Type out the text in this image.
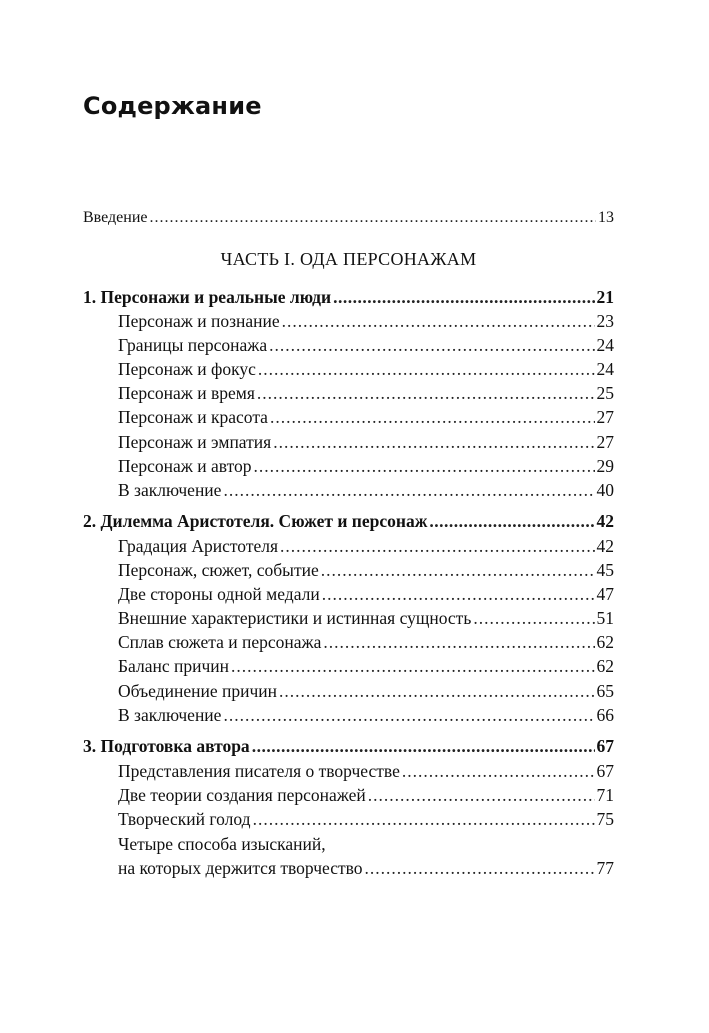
Содержание
Введение .....	13
ЧАСТЬ I. ОДА ПЕРСОНАЖАМ
1. Персонажи и реальные люди .....	21
Персонаж и познание .....	23
Границы персонажа .....	24
Персонаж и фокус .....	24
Персонаж и время .....	25
Персонаж и красота .....	27
Персонаж и эмпатия .....	27
Персонаж и автор .....	29
В заключение .....	40
2. Дилемма Аристотеля. Сюжет и персонаж .....	42
Градация Аристотеля .....	42
Персонаж, сюжет, событие .....	45
Две стороны одной медали .....	47
Внешние характеристики и истинная сущность .....	51
Сплав сюжета и персонажа .....	62
Баланс причин .....	62
Объединение причин .....	65
В заключение .....	66
3. Подготовка автора .....	67
Представления писателя о творчестве .....	67
Две теории создания персонажей .....	71
Творческий голод .....	75
Четыре способа изысканий,
на которых держится творчество .....	77
